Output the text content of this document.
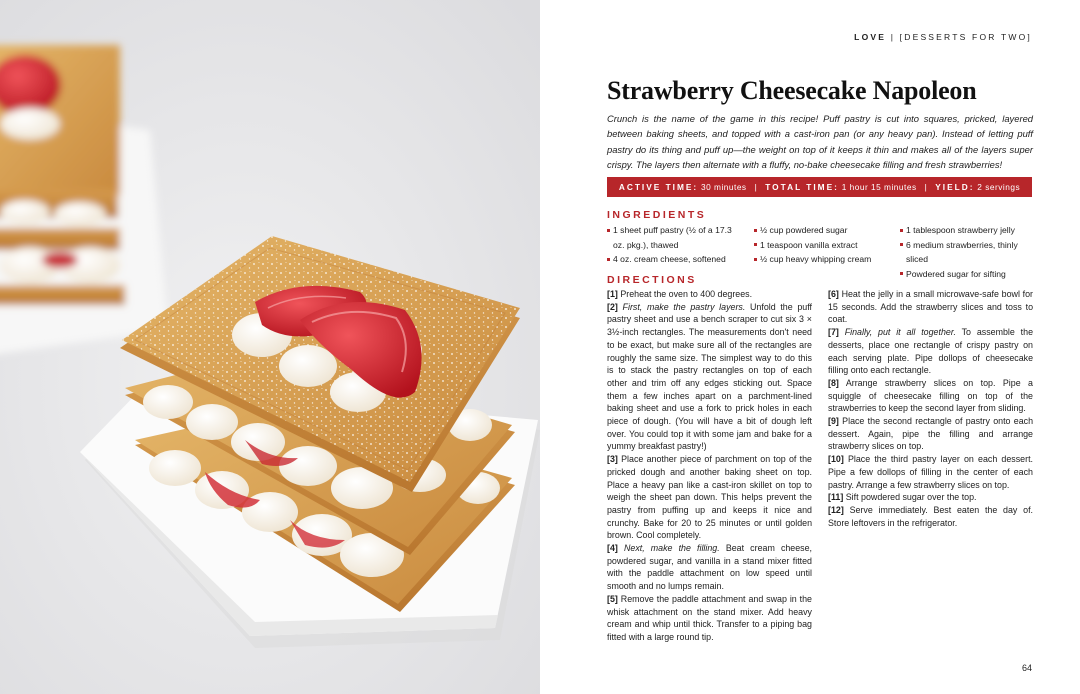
LOVE | [DESSERTS FOR TWO]
Strawberry Cheesecake Napoleon

Crunch is the name of the game in this recipe! Puff pastry is cut into squares, pricked, layered between baking sheets, and topped with a cast-iron pan (or any heavy pan). Instead of letting puff pastry do its thing and puff up—the weight on top of it keeps it thin and makes all of the layers super crispy. The layers then alternate with a fluffy, no-bake cheesecake filling and fresh strawberries!

ACTIVE TIME:
30 minutes | TOTAL TIME:
1 hour 15 minutes | YIELD:
2 servings
INGREDIENTS
1 sheet puff pastry (½ of a 17.3 oz. pkg.), thawed
4 oz. cream cheese, softened
½ cup powdered sugar
1 teaspoon vanilla extract
½ cup heavy whipping cream
1 tablespoon strawberry jelly
6 medium strawberries, thinly sliced
Powdered sugar for sifting
DIRECTIONS

[1] Preheat the oven to 400 degrees.

[2] First, make the pastry layers. Unfold the puff pastry sheet and use a bench scraper to cut six 3 × 3½-inch rectangles. The measurements don't need to be exact, but make sure all of the rectangles are roughly the same size. The simplest way to do this is to stack the pastry rectangles on top of each other and trim off any edges sticking out. Space them a few inches apart on a parchment-lined baking sheet and use a fork to prick holes in each piece of dough. (You will have a bit of dough left over. You could top it with some jam and bake for a yummy breakfast pastry!)

[3] Place another piece of parchment on top of the pricked dough and another baking sheet on top. Place a heavy pan like a cast-iron skillet on top to weigh the sheet pan down. This helps prevent the pastry from puffing up and keeps it nice and crunchy. Bake for 20 to 25 minutes or until golden brown. Cool completely.

[4] Next, make the filling. Beat cream cheese, powdered sugar, and vanilla in a stand mixer fitted with the paddle attachment on low speed until smooth and no lumps remain.

[5] Remove the paddle attachment and swap in the whisk attachment on the stand mixer. Add heavy cream and whip until thick. Transfer to a piping bag fitted with a large round tip.

[6] Heat the jelly in a small microwave-safe bowl for 15 seconds. Add the strawberry slices and toss to coat.

[7] Finally, put it all together. To assemble the desserts, place one rectangle of crispy pastry on each serving plate. Pipe dollops of cheesecake filling onto each rectangle.

[8] Arrange strawberry slices on top. Pipe a squiggle of cheesecake filling on top of the strawberries to keep the second layer from sliding.

[9] Place the second rectangle of pastry onto each dessert. Again, pipe the filling and arrange strawberry slices on top.

[10] Place the third pastry layer on each dessert. Pipe a few dollops of filling in the center of each pastry. Arrange a few strawberry slices on top.

[11] Sift powdered sugar over the top.

[12] Serve immediately. Best eaten the day of. Store leftovers in the refrigerator.

64
